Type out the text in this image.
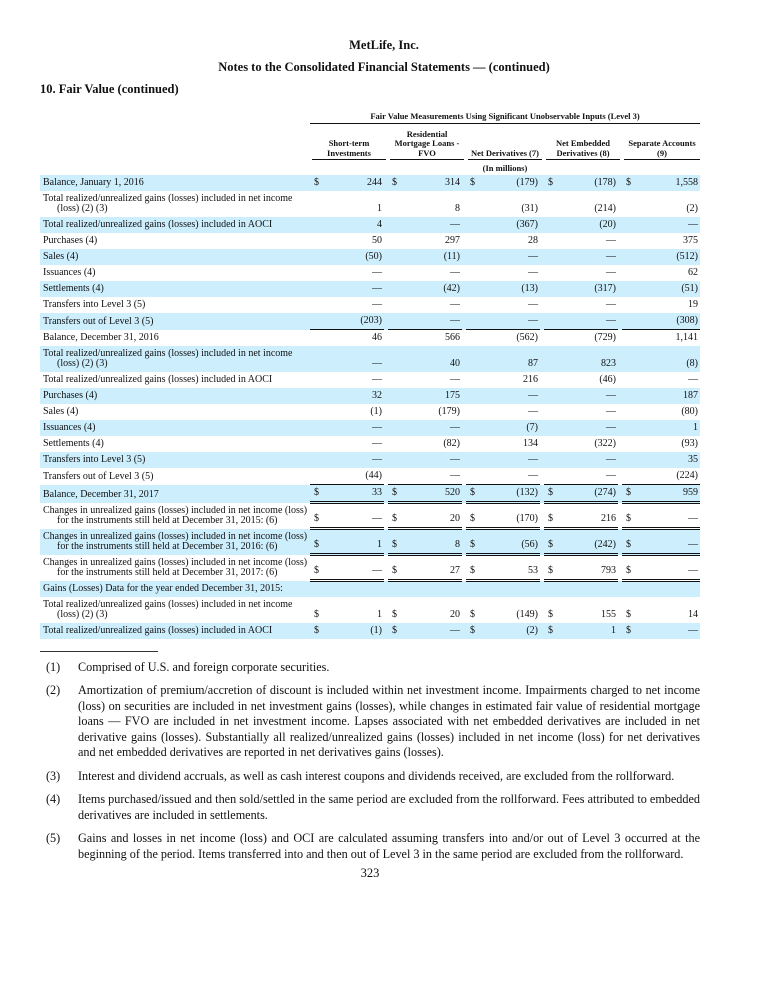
MetLife, Inc.
Notes to the Consolidated Financial Statements — (continued)
10. Fair Value (continued)
Fair Value Measurements Using Significant Unobservable Inputs (Level 3)
Short-term Investments
Residential Mortgage Loans - FVO	Net Derivatives (7)
Net Embedded Derivatives (8)
Separate Accounts (9)
(In millions)
Balance, January 1, 2016	$	244		$	314		$	(179)		$	(178)		$	1,558

Total realized/unrealized gains (losses) included in net income (loss) (2) (3)		1			8			(31)			(214)			(2)

Total realized/unrealized gains (losses) included in AOCI		4			—			(367)			(20)			—

Purchases (4)		50			297			28			—			375

Sales (4)		(50)			(11)			—			—			(512)

Issuances (4)		—			—			—			—			62

Settlements (4)		—			(42)			(13)			(317)			(51)

Transfers into Level 3 (5)		—			—			—			—			19

Transfers out of Level 3 (5)		(203)			—			—			—			(308)

Balance, December 31, 2016		46			566			(562)			(729)			1,141

Total realized/unrealized gains (losses) included in net income (loss) (2) (3)		—			40			87			823			(8)

Total realized/unrealized gains (losses) included in AOCI		—			—			216			(46)			—

Purchases (4)		32			175			—			—			187

Sales (4)		(1)			(179)			—			—			(80)

Issuances (4)		—			—			(7)			—			1

Settlements (4)		—			(82)			134			(322)			(93)

Transfers into Level 3 (5)		—			—			—			—			35

Transfers out of Level 3 (5)		(44)			—			—			—			(224)

Balance, December 31, 2017	$	33		$	520		$	(132)		$	(274)		$	959

Changes in unrealized gains (losses) included in net income (loss) for the instruments still held at December 31, 2015: (6)	$	—		$	20		$	(170)		$	216		$	—

Changes in unrealized gains (losses) included in net income (loss) for the instruments still held at December 31, 2016: (6)	$	1		$	8		$	(56)		$	(242)		$	—

Changes in unrealized gains (losses) included in net income (loss) for the instruments still held at December 31, 2017: (6)	$	—		$	27		$	53		$	793		$	—

Gains (Losses) Data for the year ended December 31, 2015:														

Total realized/unrealized gains (losses) included in net income (loss) (2) (3)	$	1		$	20		$	(149)		$	155		$	14

Total realized/unrealized gains (losses) included in AOCI	$	(1)		$	—		$	(2)		$	1		$	—
(1)	Comprised of U.S. and foreign corporate securities.
(2)	Amortization of premium/accretion of discount is included within net investment income. Impairments charged to net income (loss) on securities are included in net investment gains (losses), while changes in estimated fair value of residential mortgage loans — FVO are included in net investment income. Lapses associated with net embedded derivatives are included in net derivative gains (losses). Substantially all realized/unrealized gains (losses) included in net income (loss) for net derivatives and net embedded derivatives are reported in net derivatives gains (losses).
(3)	Interest and dividend accruals, as well as cash interest coupons and dividends received, are excluded from the rollforward.
(4)	Items purchased/issued and then sold/settled in the same period are excluded from the rollforward. Fees attributed to embedded derivatives are included in settlements.
(5)	Gains and losses in net income (loss) and OCI are calculated assuming transfers into and/or out of Level 3 occurred at the beginning of the period. Items transferred into and then out of Level 3 in the same period are excluded from the rollforward.
323
